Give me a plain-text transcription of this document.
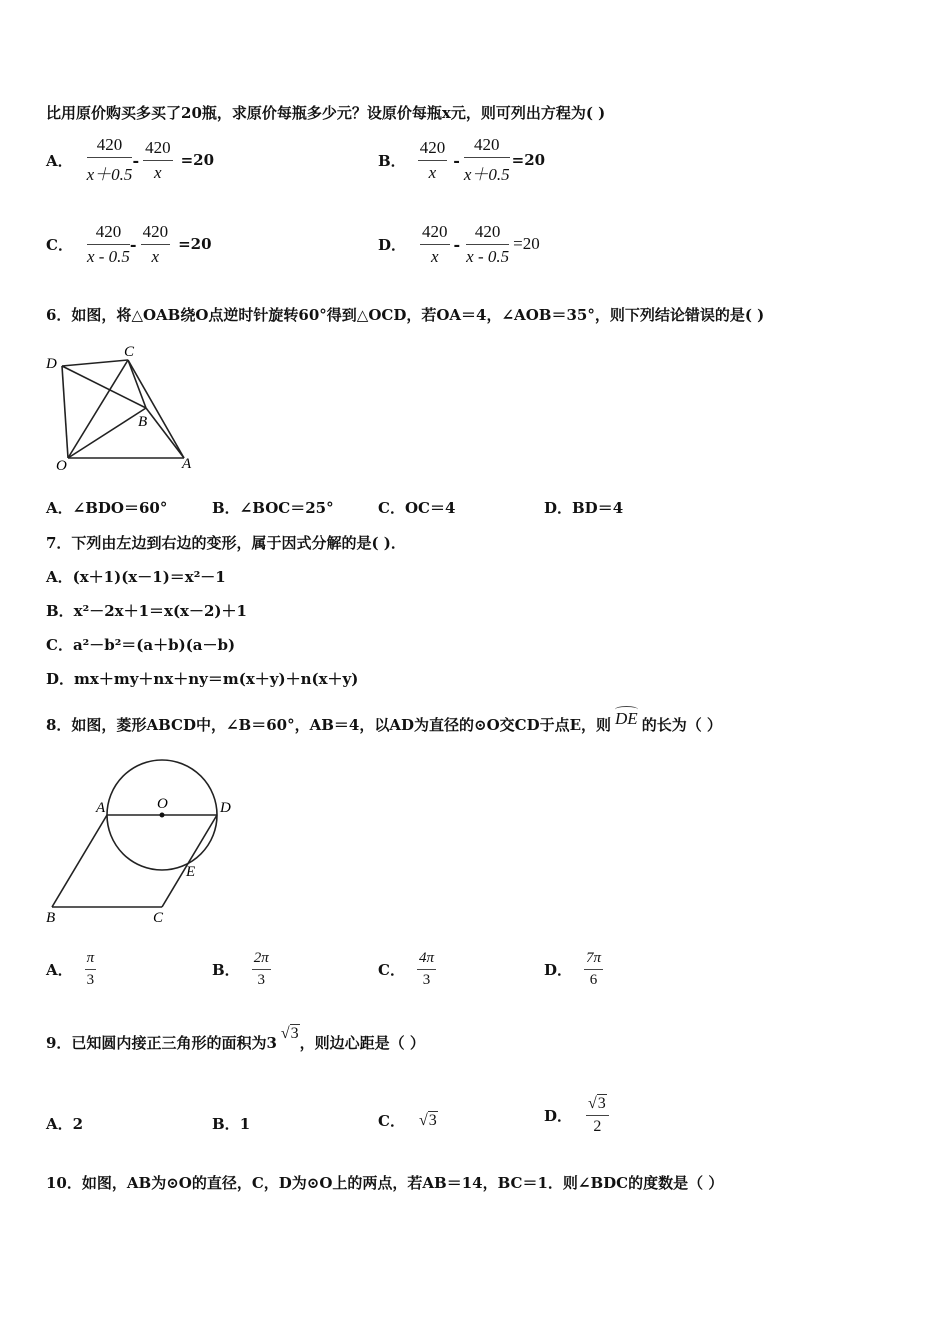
比用原价购买多买了20瓶，求原价每瓶多少元？设原价每瓶x元，则可列出方程为( )
A． $\frac{420}{x+0.5} - \frac{420}{x} =20$	B． $\frac{420}{x} - \frac{420}{x+0.5} =20$
C． $\frac{420}{x - 0.5} - \frac{420}{x} =20$	D． $\frac{420}{x} - \frac{420}{x - 0.5} =20$
6．如图，将△OAB绕O点逆时针旋转60°得到△OCD，若OA＝4，∠AOB＝35°，则下列结论错误的是( )
D
C
B
O	A
A．∠BDO＝60°	B．∠BOC＝25°	C．OC＝4	D．BD＝4
7．下列由左边到右边的变形，属于因式分解的是( )．
A．(x＋1)(x－1)＝x²－1
B．x²－2x＋1＝x(x－2)＋1
C．a²－b²＝(a＋b)(a－b)
D．mx＋my＋nx＋ny＝m(x＋y)＋n(x＋y)
8．如图，菱形ABCD中，∠B＝60°，AB＝4，以AD为直径的⊙O交CD于点E，则 DE 的长为（ ）
A	O	D
E
B	C
A． $\frac{\pi}{3}$	B． $\frac{2\pi}{3}$	C． $\frac{4\pi}{3}$	D． $\frac{7\pi}{6}$
9．已知圆内接正三角形的面积为3
√3
，则边心距是（ ）
A．2	B．1	C． √3	D． $\frac{√3}{2}$
10．如图，AB为⊙O的直径，C，D为⊙O上的两点，若AB＝14，BC＝1．则∠BDC的度数是（ ）
